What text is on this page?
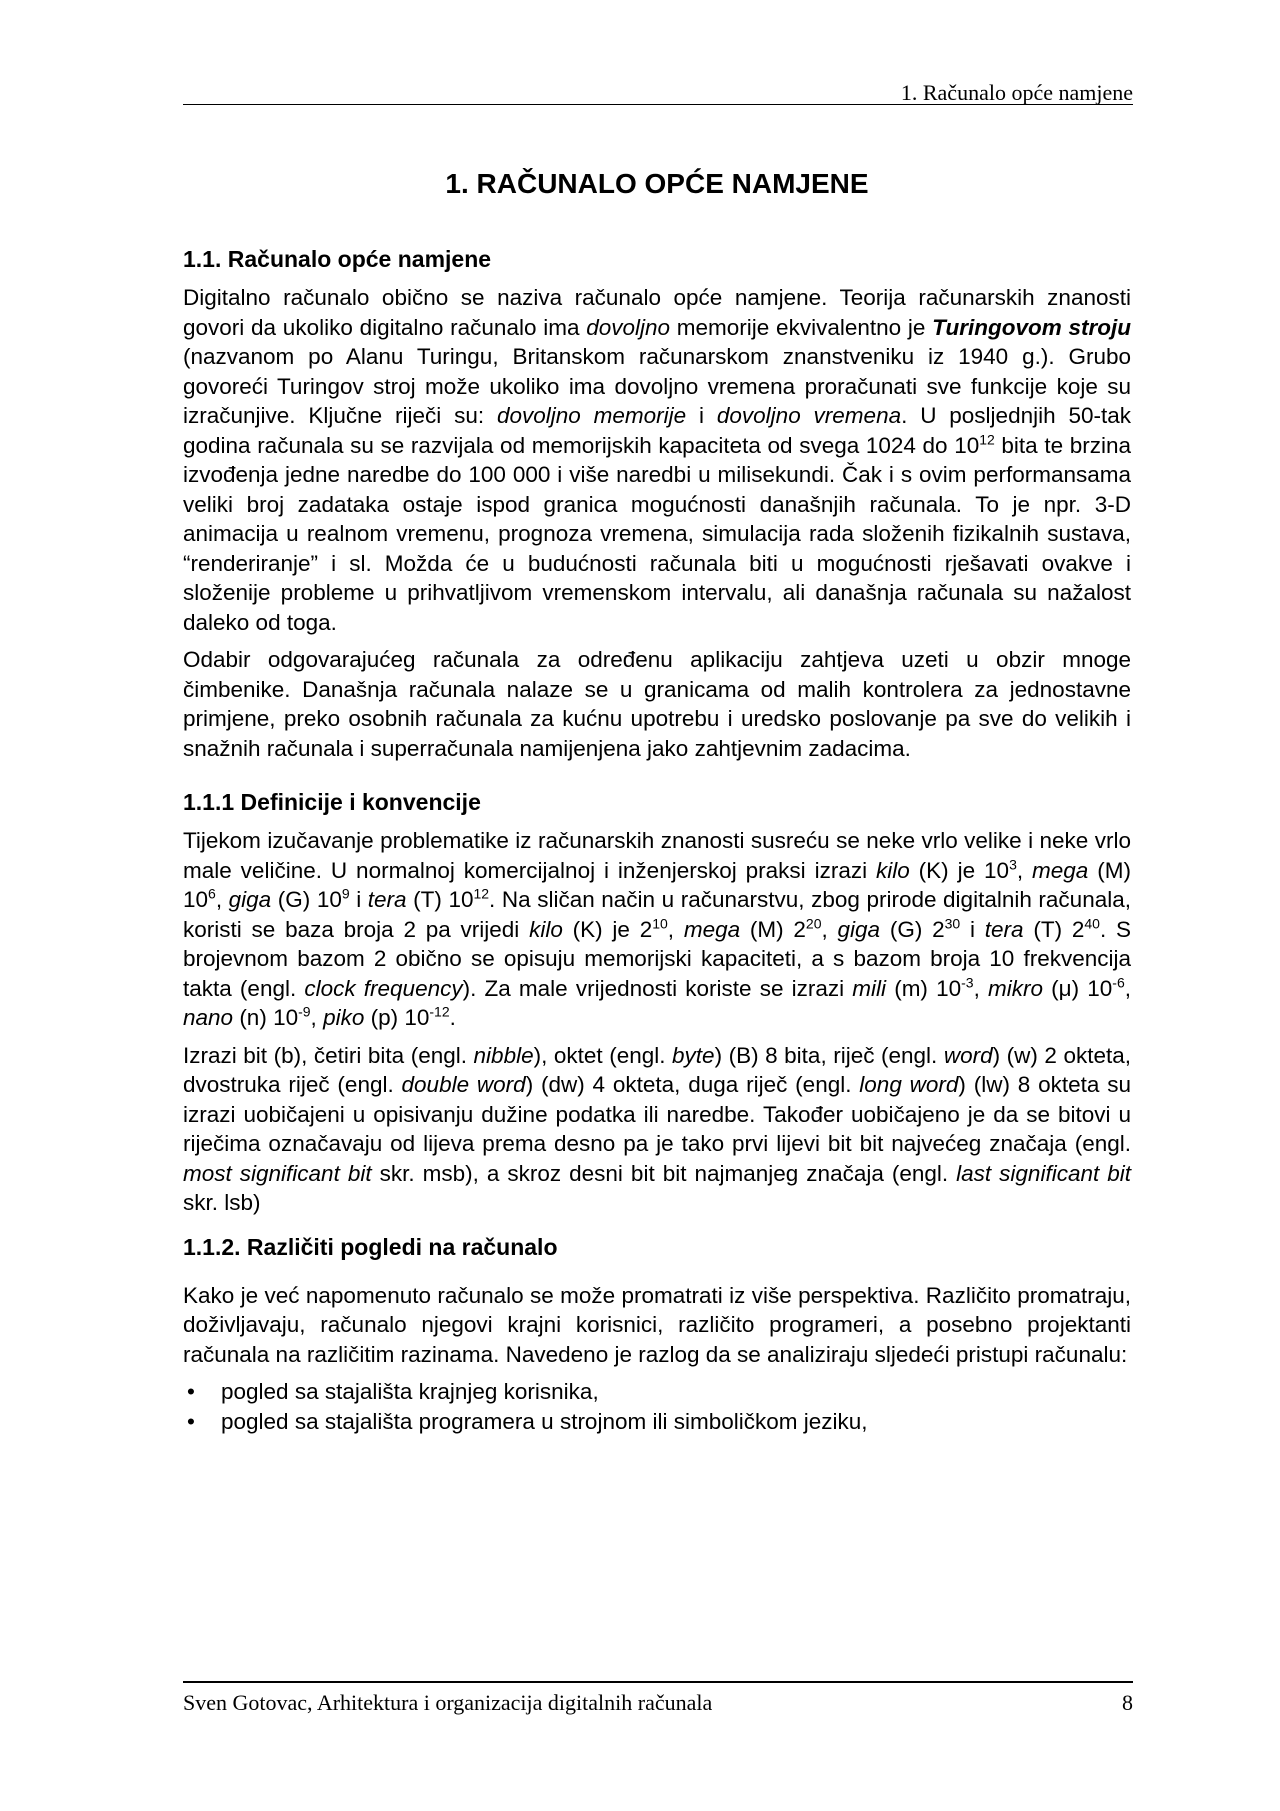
1. Računalo opće namjene
1. RAČUNALO OPĆE NAMJENE
1.1. Računalo opće namjene

Digitalno računalo obično se naziva računalo opće namjene. Teorija računarskih znanosti govori da ukoliko digitalno računalo ima dovoljno memorije ekvivalentno je Turingovom stroju (nazvanom po Alanu Turingu, Britanskom računarskom znanstveniku iz 1940 g.). Grubo govoreći Turingov stroj može ukoliko ima dovoljno vremena proračunati sve funkcije koje su izračunjive. Ključne riječi su: dovoljno memorije i dovoljno vremena. U posljednjih 50-tak godina računala su se razvijala od memorijskih kapaciteta od svega 1024 do $10^{12}$ bita te brzina izvođenja jedne naredbe do 100 000 i više naredbi u milisekundi. Čak i s ovim performansama veliki broj zadataka ostaje ispod granica mogućnosti današnjih računala. To je npr. 3-D animacija u realnom vremenu, prognoza vremena, simulacija rada složenih fizikalnih sustava, “renderiranje” i sl. Možda će u budućnosti računala biti u mogućnosti rješavati ovakve i složenije probleme u prihvatljivom vremenskom intervalu, ali današnja računala su nažalost daleko od toga.

Odabir odgovarajućeg računala za određenu aplikaciju zahtjeva uzeti u obzir mnoge čimbenike. Današnja računala nalaze se u granicama od malih kontrolera za jednostavne primjene, preko osobnih računala za kućnu upotrebu i uredsko poslovanje pa sve do velikih i snažnih računala i superračunala namijenjena jako zahtjevnim zadacima.

1.1.1 Definicije i konvencije

Tijekom izučavanje problematike iz računarskih znanosti susreću se neke vrlo velike i neke vrlo male veličine. U normalnoj komercijalnoj i inženjerskoj praksi izrazi kilo (K) je $10^3$, mega (M) $10^6$, giga (G) $10^9$ i tera (T) $10^{12}$. Na sličan način u računarstvu, zbog prirode digitalnih računala, koristi se baza broja 2 pa vrijedi kilo (K) je $2^{10}$, mega (M) $2^{20}$, giga (G) $2^{30}$ i tera (T) $2^{40}$. S brojevnom bazom 2 obično se opisuju memorijski kapaciteti, a s bazom broja 10 frekvencija takta (engl. clock frequency). Za male vrijednosti koriste se izrazi mili (m) $10^{-3}$, mikro (μ) $10^{-6}$, nano (n) $10^{-9}$, piko (p) $10^{-12}$.

Izrazi bit (b), četiri bita (engl. nibble), oktet (engl. byte) (B) 8 bita, riječ (engl. word) (w) 2 okteta, dvostruka riječ (engl. double word) (dw) 4 okteta, duga riječ (engl. long word) (lw) 8 okteta su izrazi uobičajeni u opisivanju dužine podatka ili naredbe. Također uobičajeno je da se bitovi u riječima označavaju od lijeva prema desno pa je tako prvi lijevi bit bit najvećeg značaja (engl. most significant bit skr. msb), a skroz desni bit bit najmanjeg značaja (engl. last significant bit skr. lsb)

1.1.2. Različiti pogledi na računalo

Kako je već napomenuto računalo se može promatrati iz više perspektiva. Različito promatraju, doživljavaju, računalo njegovi krajni korisnici, različito programeri, a posebno projektanti računala na različitim razinama. Navedeno je razlog da se analiziraju sljedeći pristupi računalu:

• pogled sa stajališta krajnjeg korisnika,
• pogled sa stajališta programera u strojnom ili simboličkom jeziku,
Sven Gotovac, Arhitektura i organizacija digitalnih računala	8
